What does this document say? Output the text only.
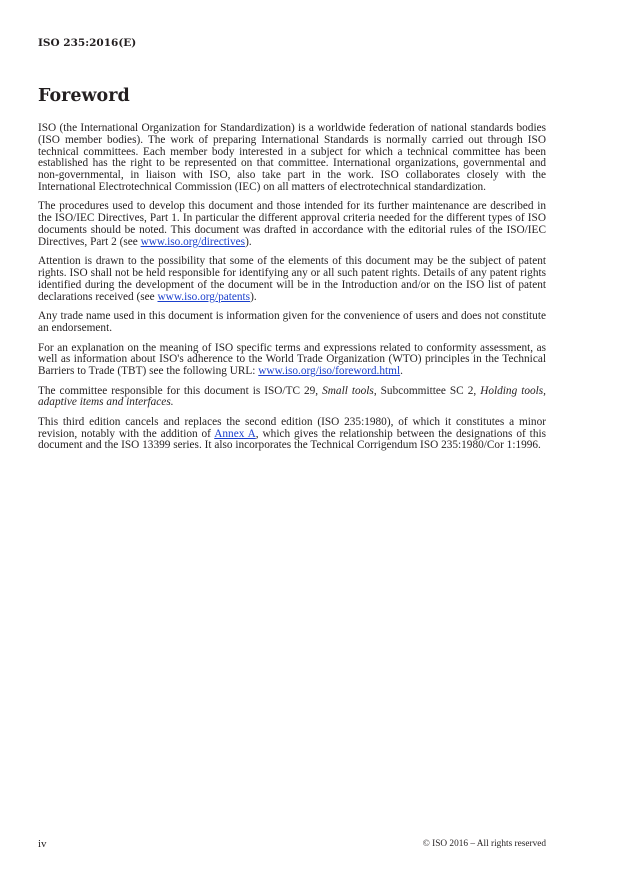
ISO 235:2016(E)
Foreword

ISO (the International Organization for Standardization) is a worldwide federation of national standards bodies (ISO member bodies). The work of preparing International Standards is normally carried out through ISO technical committees. Each member body interested in a subject for which a technical committee has been established has the right to be represented on that committee. International organizations, governmental and non-governmental, in liaison with ISO, also take part in the work. ISO collaborates closely with the International Electrotechnical Commission (IEC) on all matters of electrotechnical standardization.

The procedures used to develop this document and those intended for its further maintenance are described in the ISO/IEC Directives, Part 1. In particular the different approval criteria needed for the different types of ISO documents should be noted. This document was drafted in accordance with the editorial rules of the ISO/IEC Directives, Part 2 (see www.iso.org/directives).

Attention is drawn to the possibility that some of the elements of this document may be the subject of patent rights. ISO shall not be held responsible for identifying any or all such patent rights. Details of any patent rights identified during the development of the document will be in the Introduction and/or on the ISO list of patent declarations received (see www.iso.org/patents).

Any trade name used in this document is information given for the convenience of users and does not constitute an endorsement.

For an explanation on the meaning of ISO specific terms and expressions related to conformity assessment, as well as information about ISO's adherence to the World Trade Organization (WTO) principles in the Technical Barriers to Trade (TBT) see the following URL: www.iso.org/iso/foreword.html.

The committee responsible for this document is ISO/TC 29, Small tools, Subcommittee SC 2, Holding tools, adaptive items and interfaces.

This third edition cancels and replaces the second edition (ISO 235:1980), of which it constitutes a minor revision, notably with the addition of Annex A, which gives the relationship between the designations of this document and the ISO 13399 series. It also incorporates the Technical Corrigendum ISO 235:1980/Cor 1:1996.

iv	© ISO 2016 – All rights reserved
